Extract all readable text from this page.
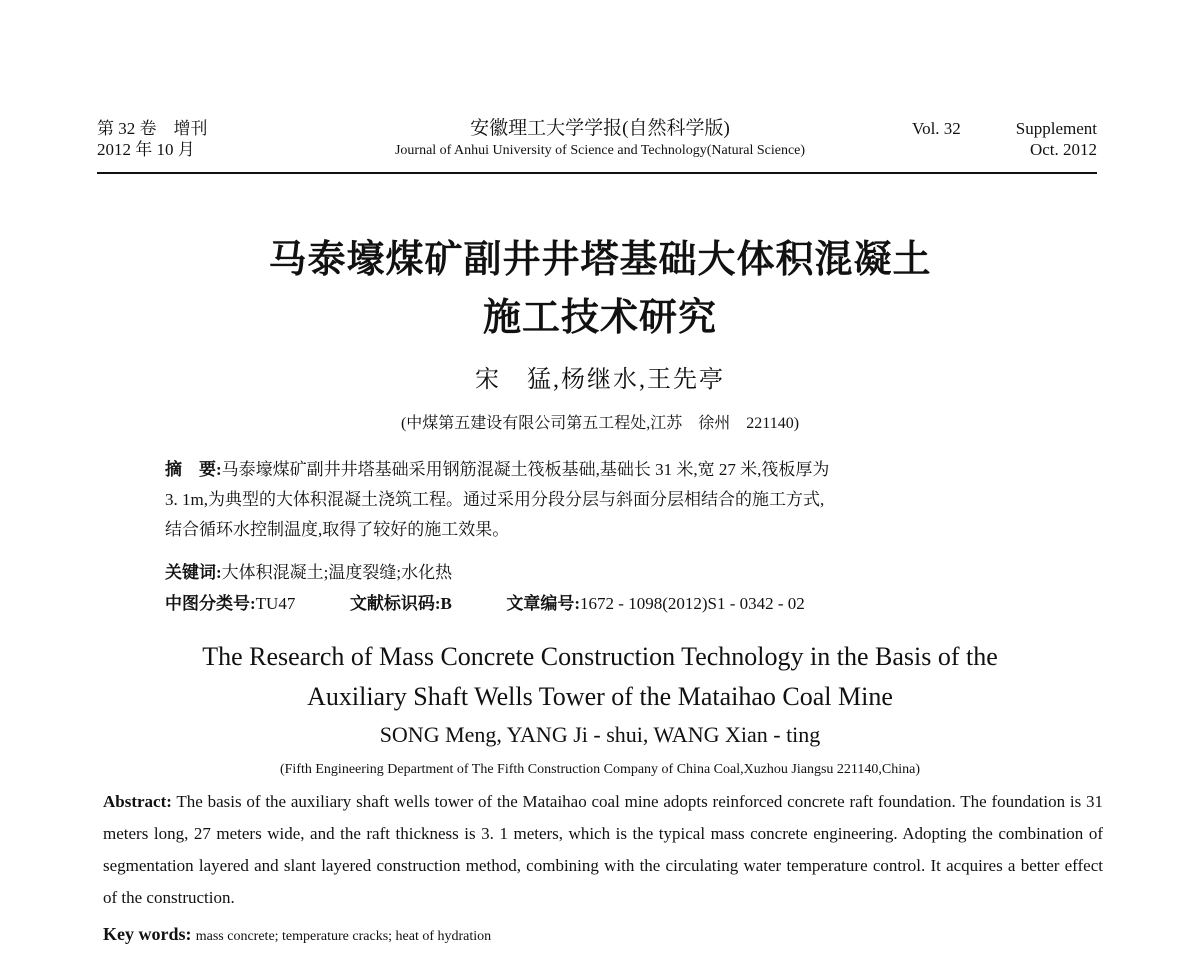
第 32 卷　增刊
2012 年 10 月
安徽理工大学学报(自然科学版)
Journal of Anhui University of Science and Technology(Natural Science)
Vol. 32	Supplement
Oct. 2012
马泰壕煤矿副井井塔基础大体积混凝土
施工技术研究
宋　猛,杨继水,王先亭
(中煤第五建设有限公司第五工程处,江苏　徐州　221140)
摘　要:马泰壕煤矿副井井塔基础采用钢筋混凝土筏板基础,基础长 31 米,宽 27 米,筏板厚为
3. 1m,为典型的大体积混凝土浇筑工程。通过采用分段分层与斜面分层相结合的施工方式,
结合循环水控制温度,取得了较好的施工效果。
关键词:大体积混凝土;温度裂缝;水化热
中图分类号:TU47	文献标识码:B	文章编号:1672 - 1098(2012)S1 - 0342 - 02
The Research of Mass Concrete Construction Technology in the Basis of the
Auxiliary Shaft Wells Tower of the Mataihao Coal Mine
SONG Meng, YANG Ji - shui, WANG Xian - ting
(Fifth Engineering Department of The Fifth Construction Company of China Coal,Xuzhou Jiangsu 221140,China)
Abstract: The basis of the auxiliary shaft wells tower of the Mataihao coal mine adopts reinforced concrete raft foundation. The foundation is 31 meters long, 27 meters wide, and the raft thickness is 3. 1 meters, which is the typical mass concrete engineering. Adopting the combination of segmentation layered and slant layered construction method, combining with the circulating water temperature control. It acquires a better effect of the construction.
Key words: mass concrete; temperature cracks; heat of hydration
